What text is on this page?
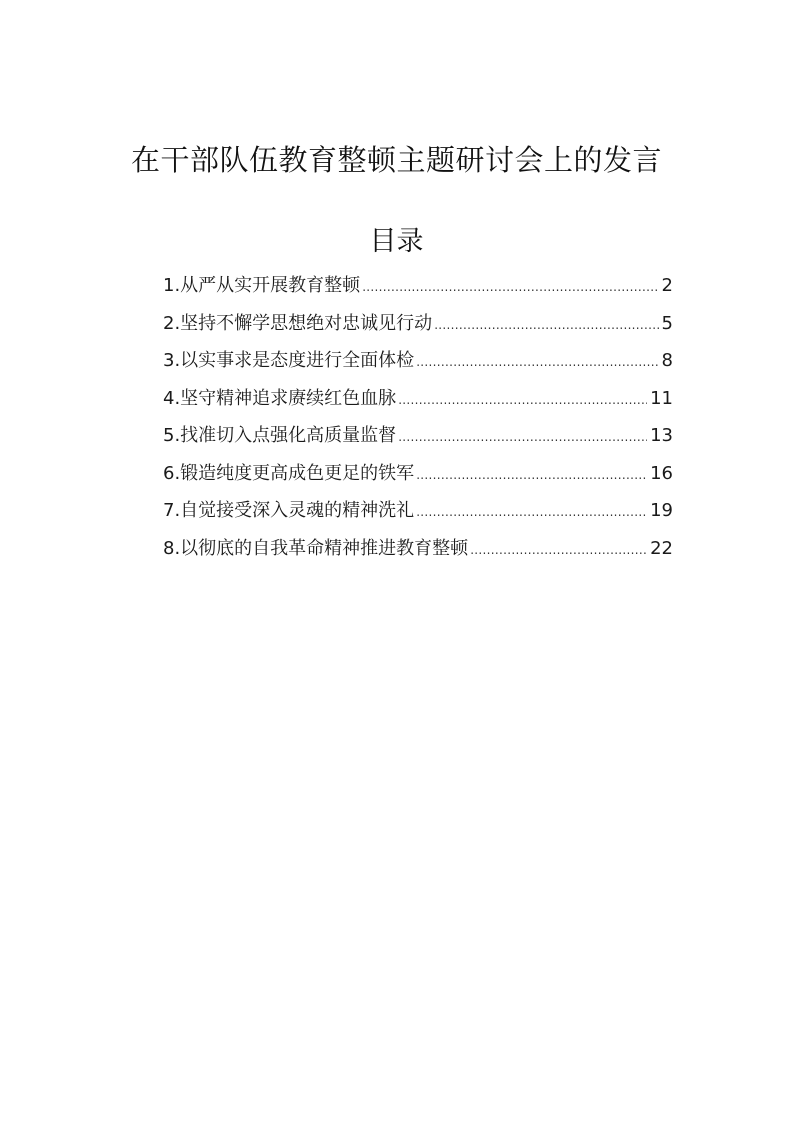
在干部队伍教育整顿主题研讨会上的发言
目录
1.从严从实开展教育整顿 .....	2
2.坚持不懈学思想绝对忠诚见行动 .....	5
3.以实事求是态度进行全面体检 .....	8
4.坚守精神追求赓续红色血脉 .....	11
5.找准切入点强化高质量监督 .....	13
6.锻造纯度更高成色更足的铁军 .....	16
7.自觉接受深入灵魂的精神洗礼 .....	19
8.以彻底的自我革命精神推进教育整顿 .....	22
